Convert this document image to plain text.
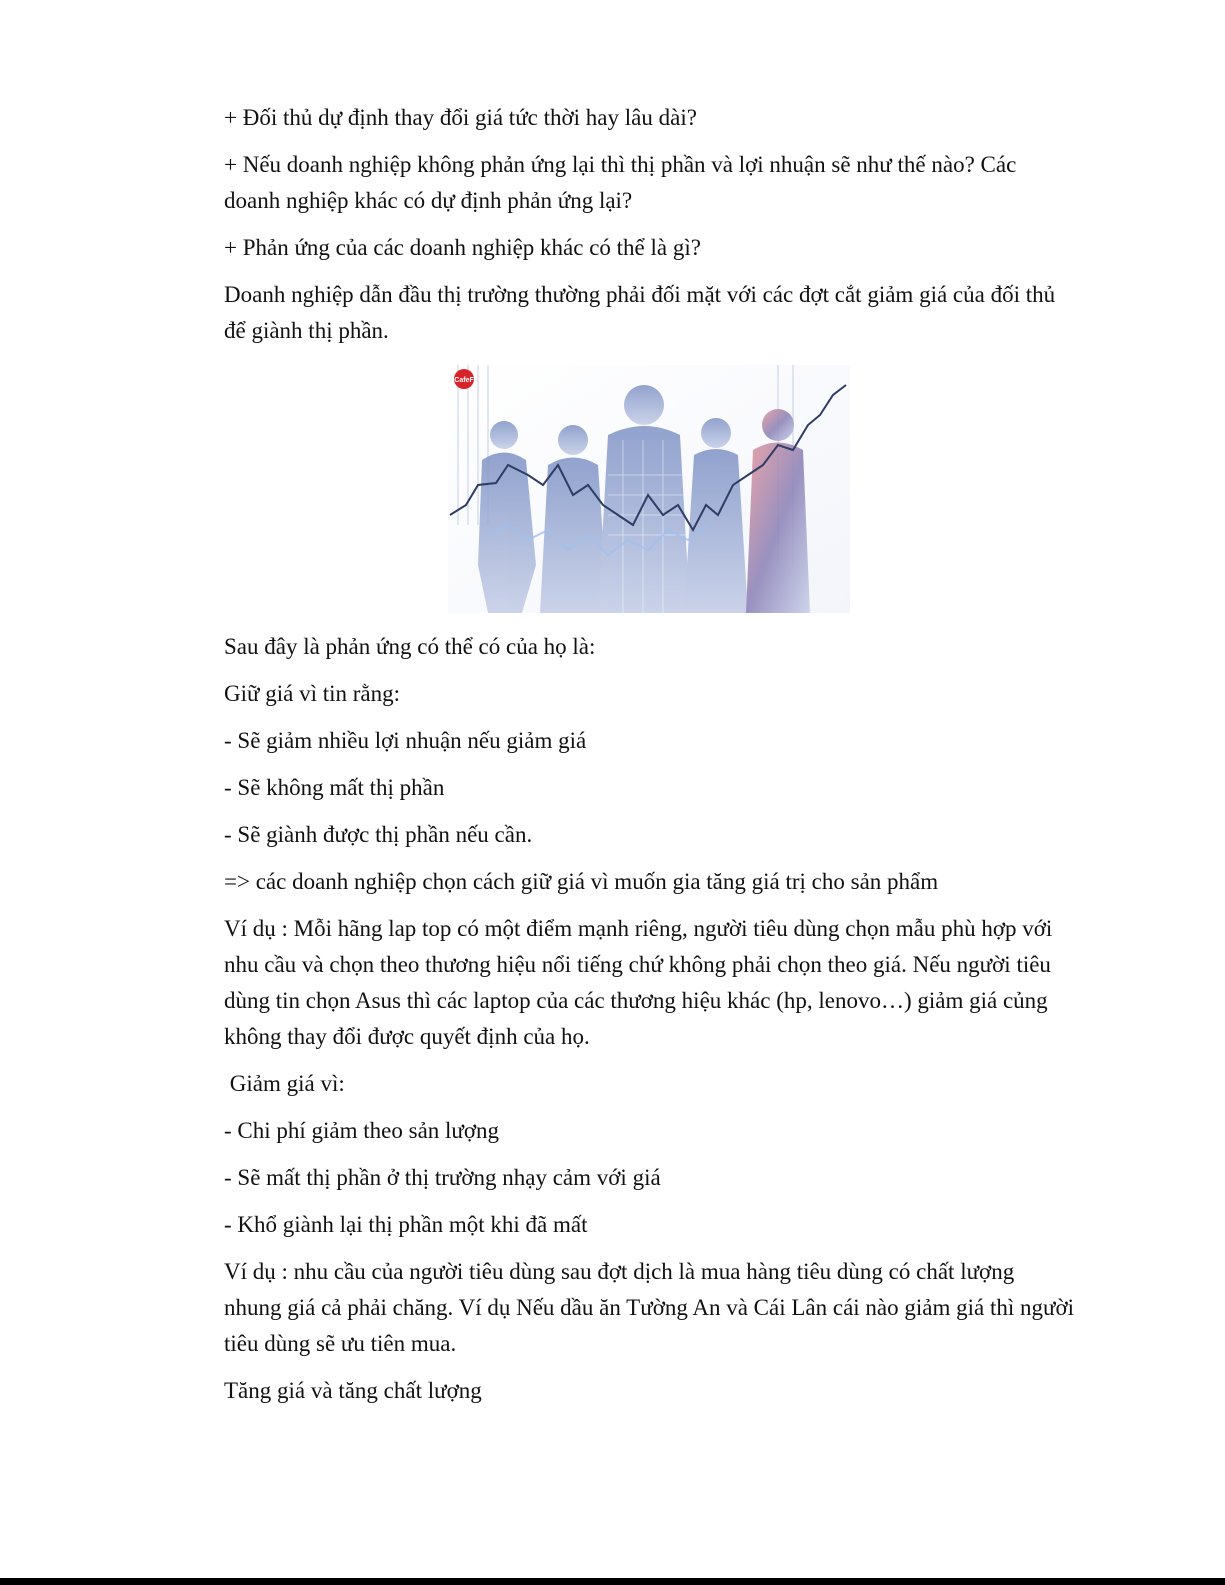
+ Đối thủ dự định thay đổi giá tức thời hay lâu dài?

+ Nếu doanh nghiệp không phản ứng lại thì thị phần và lợi nhuận sẽ như thế nào? Các doanh nghiệp khác có dự định phản ứng lại?

+ Phản ứng của các doanh nghiệp khác có thể là gì?

Doanh nghiệp dẫn đầu thị trường thường phải đối mặt với các đợt cắt giảm giá của đối thủ để giành thị phần.

CafeF

Sau đây là phản ứng có thể có của họ là:

Giữ giá vì tin rằng:

- Sẽ giảm nhiều lợi nhuận nếu giảm giá

- Sẽ không mất thị phần

- Sẽ giành được thị phần nếu cần.

=> các doanh nghiệp chọn cách giữ giá vì muốn gia tăng giá trị cho sản phẩm

Ví dụ : Mỗi hãng lap top có một điểm mạnh riêng, người tiêu dùng chọn mẫu phù hợp với nhu cầu và chọn theo thương hiệu nổi tiếng chứ không phải chọn theo giá. Nếu người tiêu dùng tin chọn Asus thì các laptop của các thương hiệu khác (hp, lenovo…) giảm giá củng không thay đổi được quyết định của họ.

Giảm giá vì:

- Chi phí giảm theo sản lượng

- Sẽ mất thị phần ở thị trường nhạy cảm với giá

- Khổ giành lại thị phần một khi đã mất

Ví dụ : nhu cầu của người tiêu dùng sau đợt dịch là mua hàng tiêu dùng có chất lượng nhung giá cả phải chăng. Ví dụ Nếu dầu ăn Tường An và Cái Lân cái nào giảm giá thì người tiêu dùng sẽ ưu tiên mua.

Tăng giá và tăng chất lượng
